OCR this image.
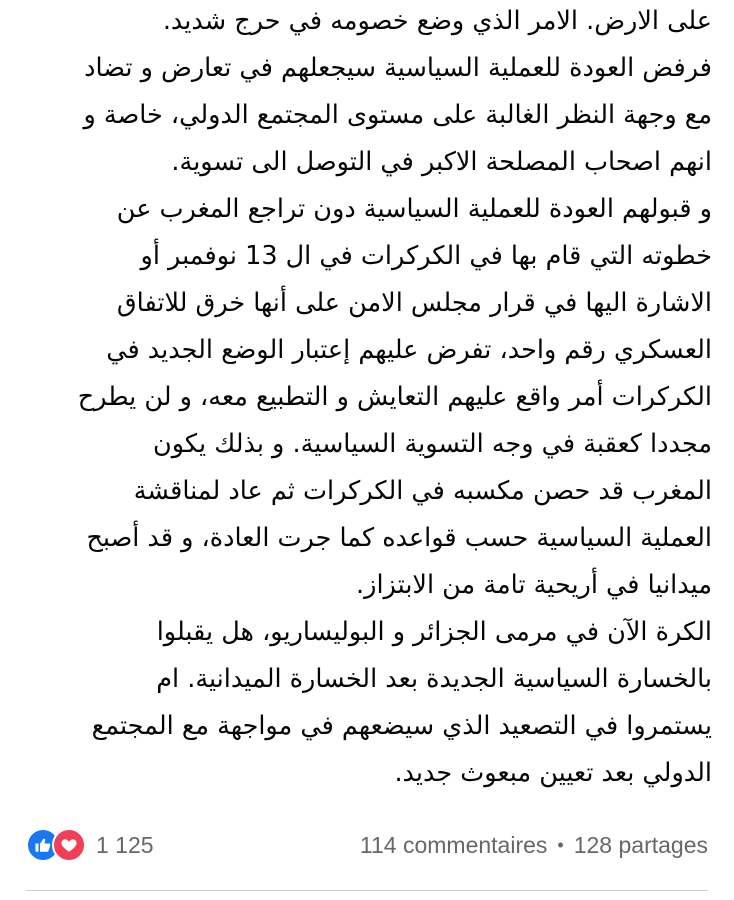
على الارض. الامر الذي وضع خصومه في حرج شديد.
فرفض العودة للعملية السياسية سيجعلهم في تعارض و تضاد
مع وجهة النظر الغالبة على مستوى المجتمع الدولي، خاصة و
انهم اصحاب المصلحة الاكبر في التوصل الى تسوية.
و قبولهم العودة للعملية السياسية دون تراجع المغرب عن
خطوته التي قام بها في الكركرات في ال 13 نوفمبر أو
الاشارة اليها في قرار مجلس الامن على أنها خرق للاتفاق
العسكري رقم واحد، تفرض عليهم إعتبار الوضع الجديد في
الكركرات أمر واقع عليهم التعايش و التطبيع معه، و لن يطرح
مجددا كعقبة في وجه التسوية السياسية. و بذلك يكون
المغرب قد حصن مكسبه في الكركرات ثم عاد لمناقشة
العملية السياسية حسب قواعده كما جرت العادة، و قد أصبح
ميدانيا في أريحية تامة من الابتزاز.
الكرة الآن في مرمى الجزائر و البوليساريو، هل يقبلوا
بالخسارة السياسية الجديدة بعد الخسارة الميدانية. ام
يستمروا في التصعيد الذي سيضعهم في مواجهة مع المجتمع
الدولي بعد تعيين مبعوث جديد.
1 125	114 commentaires • 128 partages
